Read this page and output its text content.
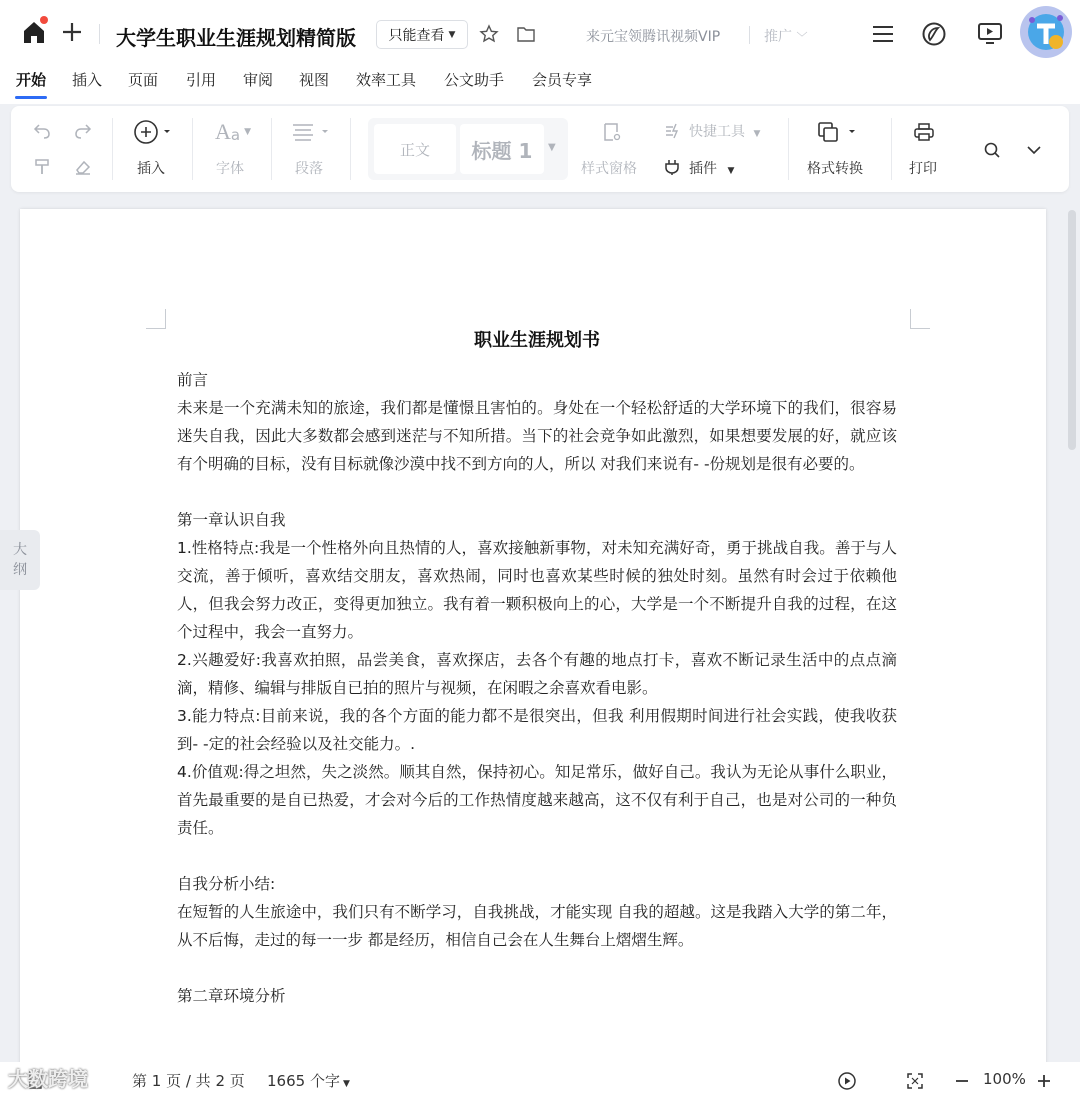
大学生职业生涯规划精简版 只能查看 ▼	来元宝领腾讯视频VIP	推广 ﹀
开始 插入 页面 引用 审阅 视图 效率工具 公文助手 会员专享
插入
A a ▼
字体	段落
正文 标题 1 ▼
样式窗格
快捷工具 ▼
插件 ▼	格式转换	打印
职业生涯规划书

前言

未来是一个充满未知的旅途，我们都是懂憬且害怕的。身处在一个轻松舒适的大学环境下的我们，很容易迷失自我，因此大多数都会感到迷茫与不知所措。当下的社会竞争如此激烈，如果想要发展的好，就应该有个明确的目标，没有目标就像沙漠中找不到方向的人，所以 对我们来说有- -份规划是很有必要的。

第一章认识自我

1.性格特点:我是一个性格外向且热情的人，喜欢接触新事物，对未知充满好奇，勇于挑战自我。善于与人交流，善于倾听，喜欢结交朋友，喜欢热闹，同时也喜欢某些时候的独处时刻。虽然有时会过于依赖他人，但我会努力改正，变得更加独立。我有着一颗积极向上的心，大学是一个不断提升自我的过程，在这个过程中，我会一直努力。

2.兴趣爱好:我喜欢拍照，品尝美食，喜欢探店，去各个有趣的地点打卡，喜欢不断记录生活中的点点滴滴，精修、编辑与排版自已拍的照片与视频，在闲暇之余喜欢看电影。

3.能力特点:目前来说，我的各个方面的能力都不是很突出，但我 利用假期时间进行社会实践，使我收获到- -定的社会经验以及社交能力。.

4.价值观:得之坦然，失之淡然。顺其自然，保持初心。知足常乐，做好自己。我认为无论从事什么职业，首先最重要的是自已热爱，才会对今后的工作热情度越来越高，这不仅有利于自己，也是对公司的一种负责任。

自我分析小结:

在短暂的人生旅途中，我们只有不断学习，自我挑战，才能实现 自我的超越。这是我踏入大学的第二年，从不后悔，走过的每一一步 都是经历，相信自己会在人生舞台上熠熠生辉。

第二章环境分析

大
纲
第 1 页 / 共 2 页 1665 个字 ▼	100%
大数跨境
